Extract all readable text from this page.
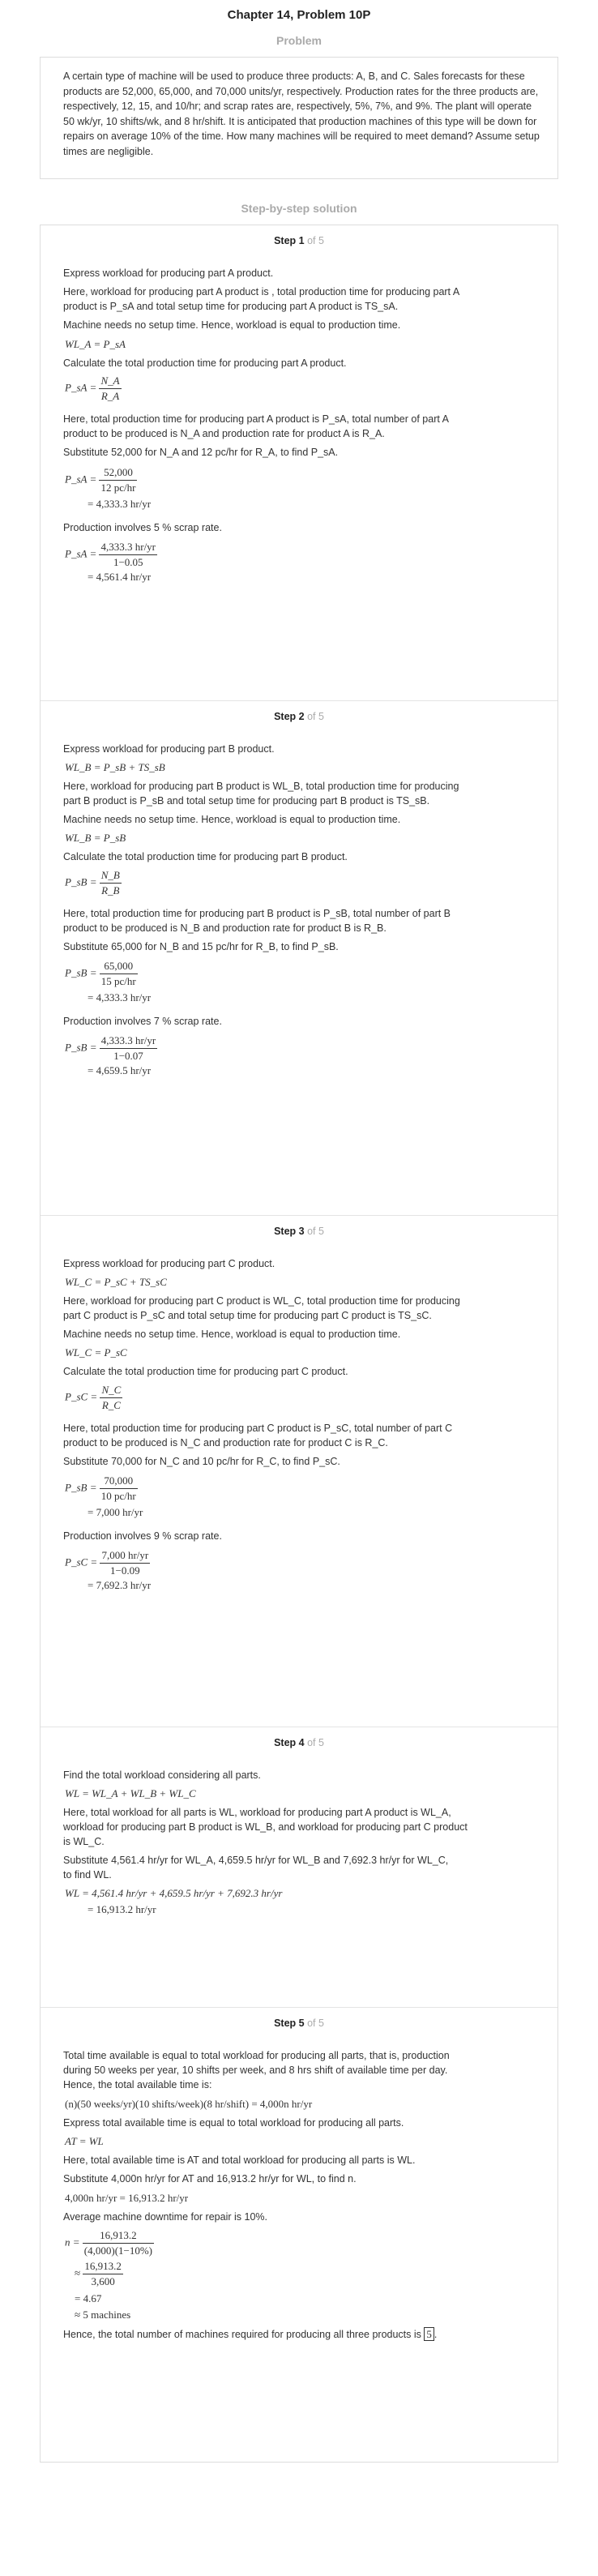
Chapter 14, Problem 10P
Problem
A certain type of machine will be used to produce three products: A, B, and C. Sales forecasts for these products are 52,000, 65,000, and 70,000 units/yr, respectively. Production rates for the three products are, respectively, 12, 15, and 10/hr; and scrap rates are, respectively, 5%, 7%, and 9%. The plant will operate 50 wk/yr, 10 shifts/wk, and 8 hr/shift. It is anticipated that production machines of this type will be down for repairs on average 10% of the time. How many machines will be required to meet demand? Assume setup times are negligible.
Step-by-step solution
Step 1 of 5
Express workload for producing part A product.
Here, workload for producing part A product is , total production time for producing part A
product is P_sA and total setup time for producing part A product is TS_sA.
Machine needs no setup time. Hence, workload is equal to production time.
WL_A = P_sA
Calculate the total production time for producing part A product.
P_sA = $\frac{N\_A}{R\_A}$
Here, total production time for producing part A product is P_sA, total number of part A
product to be produced is N_A and production rate for product A is R_A.
Substitute 52,000 for N_A and 12 pc/hr for R_A, to find P_sA.
P_sA = $\frac{52,000}{12 pc/hr}$
= 4,333.3 hr/yr
Production involves 5 % scrap rate.
P_sA = $\frac{4,333.3 hr/yr}{1-0.05}$
= 4,561.4 hr/yr
Step 2 of 5
Express workload for producing part B product.
WL_B = P_sB + TS_sB
Here, workload for producing part B product is WL_B, total production time for producing
part B product is P_sB and total setup time for producing part B product is TS_sB.
Machine needs no setup time. Hence, workload is equal to production time.
WL_B = P_sB
Calculate the total production time for producing part B product.
P_sB = $\frac{N\_B}{R\_B}$
Here, total production time for producing part B product is P_sB, total number of part B
product to be produced is N_B and production rate for product B is R_B.
Substitute 65,000 for N_B and 15 pc/hr for R_B, to find P_sB.
P_sB = $\frac{65,000}{15 pc/hr}$
= 4,333.3 hr/yr
Production involves 7 % scrap rate.
P_sB = $\frac{4,333.3 hr/yr}{1-0.07}$
= 4,659.5 hr/yr
Step 3 of 5
Express workload for producing part C product.
WL_C = P_sC + TS_sC
Here, workload for producing part C product is WL_C, total production time for producing
part C product is P_sC and total setup time for producing part C product is TS_sC.
Machine needs no setup time. Hence, workload is equal to production time.
WL_C = P_sC
Calculate the total production time for producing part C product.
P_sC = $\frac{N\_C}{R\_C}$
Here, total production time for producing part C product is P_sC, total number of part C
product to be produced is N_C and production rate for product C is R_C.
Substitute 70,000 for N_C and 10 pc/hr for R_C, to find P_sC.
P_sB = $\frac{70,000}{10 pc/hr}$
= 7,000 hr/yr
Production involves 9 % scrap rate.
P_sC = $\frac{7,000 hr/yr}{1-0.09}$
= 7,692.3 hr/yr
Step 4 of 5
Find the total workload considering all parts.
WL = WL_A + WL_B + WL_C
Here, total workload for all parts is WL, workload for producing part A product is WL_A,
workload for producing part B product is WL_B, and workload for producing part C product
is WL_C.
Substitute 4,561.4 hr/yr for WL_A, 4,659.5 hr/yr for WL_B and 7,692.3 hr/yr for WL_C,
to find WL.
WL = 4,561.4 hr/yr + 4,659.5 hr/yr + 7,692.3 hr/yr
= 16,913.2 hr/yr
Step 5 of 5
Total time available is equal to total workload for producing all parts, that is, production
during 50 weeks per year, 10 shifts per week, and 8 hrs shift of available time per day.
Hence, the total available time is:
(n)(50 weeks/yr)(10 shifts/week)(8 hr/shift) = 4,000n hr/yr
Express total available time is equal to total workload for producing all parts.
AT = WL
Here, total available time is AT and total workload for producing all parts is WL.
Substitute 4,000n hr/yr for AT and 16,913.2 hr/yr for WL, to find n.
4,000n hr/yr = 16,913.2 hr/yr
Average machine downtime for repair is 10%.
$n = \frac{16,913.2}{(4,000)(1-10\%)}$
≈ $\frac{16,913.2}{3,600}$
= 4.67
≈ 5 machines
Hence, the total number of machines required for producing all three products is 5 .
